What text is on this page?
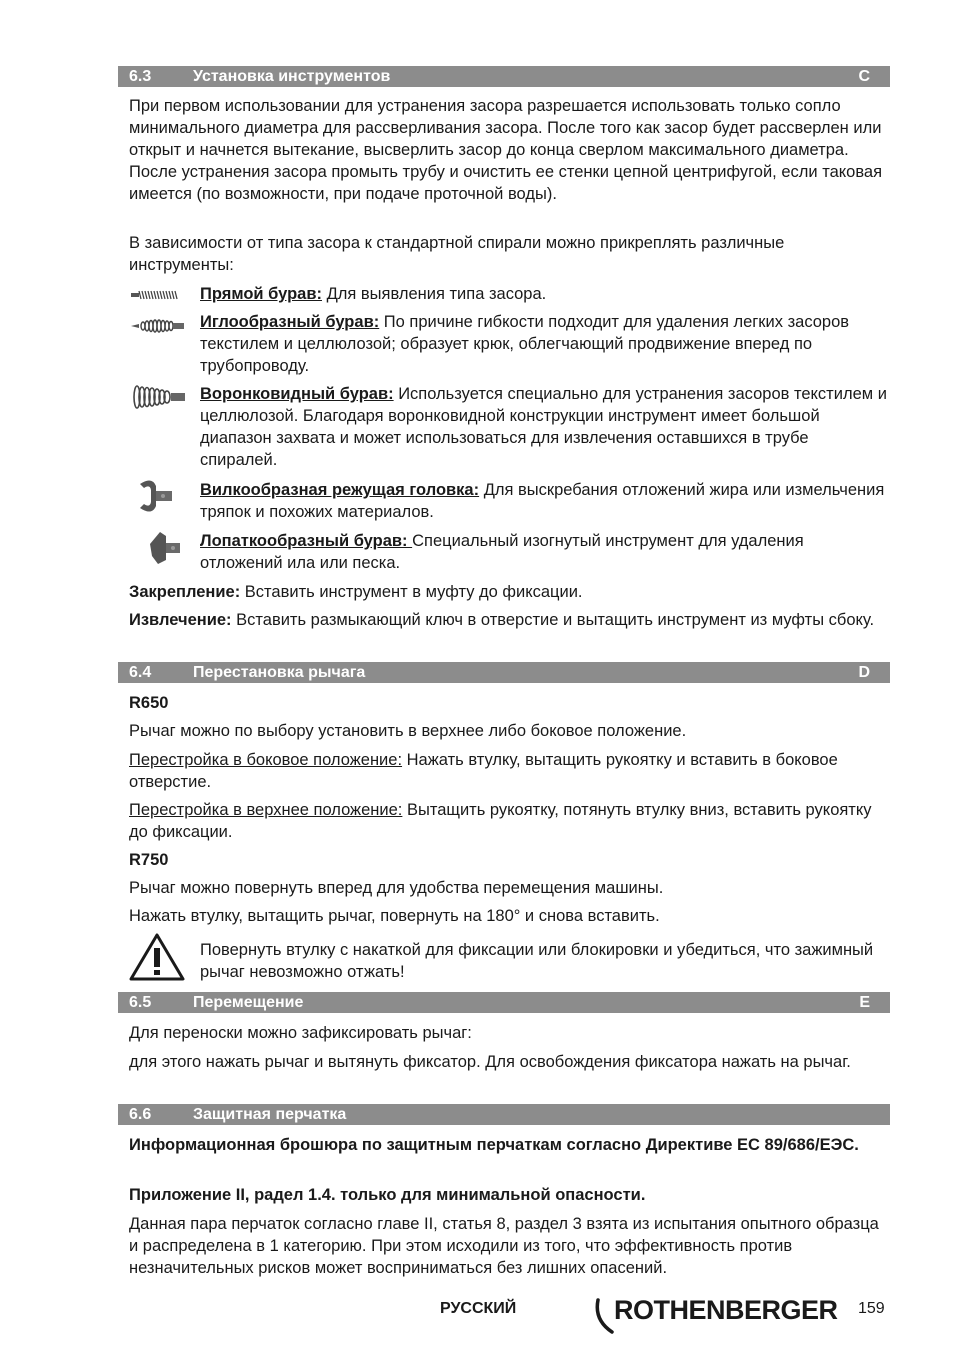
6.3	Установка инструментов	C

При первом использовании для устранения засора разрешается использовать только сопло минимального диаметра для рассверливания засора. После того как засор будет рассверлен или открыт и начнется вытекание, высверлить засор до конца сверлом максимального диаметра. После устранения засора промыть трубу и очистить ее стенки цепной центрифугой, если таковая имеется (по возможности, при подаче проточной воды).

В зависимости от типа засора к стандартной спирали можно прикреплять различные инструменты:

Прямой бурав: Для выявления типа засора.

Иглообразный бурав: По причине гибкости подходит для удаления легких засоров текстилем и целлюлозой; образует крюк, облегчающий продвижение вперед по трубопроводу.

Воронковидный бурав: Используется специально для устранения засоров текстилем и целлюлозой. Благодаря воронковидной конструкции инструмент имеет большой диапазон захвата и может использоваться для извлечения оставшихся в трубе спиралей.

Вилкообразная режущая головка: Для выскребания отложений жира или измельчения тряпок и похожих материалов.

Лопаткообразный бурав: Специальный изогнутый инструмент для удаления отложений ила или песка.

Закрепление: Вставить инструмент в муфту до фиксации.

Извлечение: Вставить размыкающий ключ в отверстие и вытащить инструмент из муфты сбоку.

6.4	Перестановка рычага	D

R650

Рычаг можно по выбору установить в верхнее либо боковое положение.

Перестройка в боковое положение: Нажать втулку, вытащить рукоятку и вставить в боковое отверстие.

Перестройка в верхнее положение: Вытащить рукоятку, потянуть втулку вниз, вставить рукоятку до фиксации.

R750

Рычаг можно повернуть вперед для удобства перемещения машины.

Нажать втулку, вытащить рычаг, повернуть на 180° и снова вставить.

Повернуть втулку с накаткой для фиксации или блокировки и убедиться, что зажимный рычаг невозможно отжать!

6.5	Перемещение	E

Для переноски можно зафиксировать рычаг:

для этого нажать рычаг и вытянуть фиксатор. Для освобождения фиксатора нажать на рычаг.

6.6	Защитная перчатка

Информационная брошюра по защитным перчаткам согласно Директиве ЕС 89/686/ЕЭС.

Приложение II, радел 1.4. только для минимальной опасности.

Данная пара перчаток согласно главе II, статья 8, раздел 3 взята из испытания опытного образца и распределена в 1 категорию. При этом исходили из того, что эффективность против незначительных рисков может восприниматься без лишних опасений.

РУССКИЙ	ROTHENBERGER 159
